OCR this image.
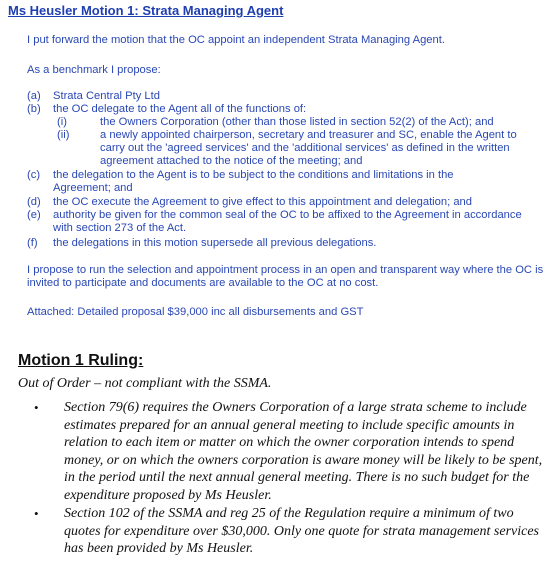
Ms Heusler Motion 1: Strata Managing Agent
I put forward the motion that the OC appoint an independent Strata Managing Agent.
As a benchmark I propose:
(a) Strata Central Pty Ltd
(b) the OC delegate to the Agent all of the functions of:
(i)	the Owners Corporation (other than those listed in section 52(2) of the Act); and
(ii)	a newly appointed chairperson, secretary and treasurer and SC, enable the Agent to carry out the 'agreed services' and the 'additional services' as defined in the written agreement attached to the notice of the meeting; and
(c) the delegation to the Agent is to be subject to the conditions and limitations in the Agreement; and
(d) the OC execute the Agreement to give effect to this appointment and delegation; and
(e) authority be given for the common seal of the OC to be affixed to the Agreement in accordance with section 273 of the Act.
(f) the delegations in this motion supersede all previous delegations.
I propose to run the selection and appointment process in an open and transparent way where the OC is invited to participate and documents are available to the OC at no cost.
Attached: Detailed proposal $39,000 inc all disbursements and GST
Motion 1 Ruling:
Out of Order – not compliant with the SSMA.
• Section 79(6) requires the Owners Corporation of a large strata scheme to include estimates prepared for an annual general meeting to include specific amounts in relation to each item or matter on which the owner corporation intends to spend money, or on which the owners corporation is aware money will be likely to be spent, in the period until the next annual general meeting. There is no such budget for the expenditure proposed by Ms Heusler.
• Section 102 of the SSMA and reg 25 of the Regulation require a minimum of two quotes for expenditure over $30,000. Only one quote for strata management services has been provided by Ms Heusler.
